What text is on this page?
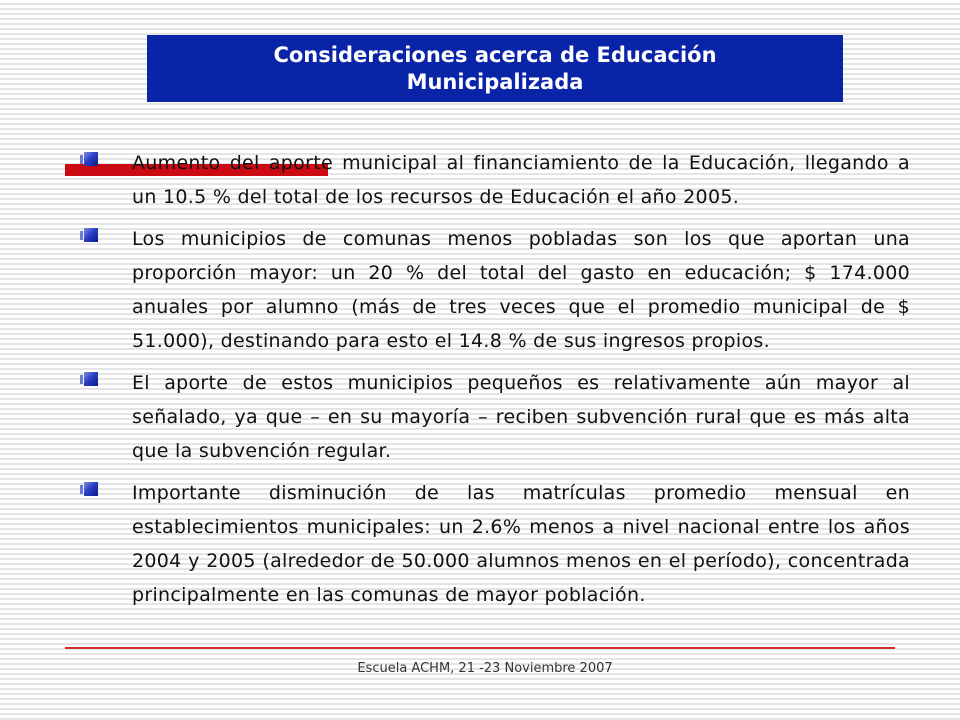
Consideraciones acerca de Educación
Municipalizada
Aumento del aporte municipal al financiamiento de la Educación, llegando a un 10.5 % del total de los recursos de Educación el año 2005.
Los municipios de comunas menos pobladas son los que aportan una proporción mayor: un 20 % del total del gasto en educación; $ 174.000 anuales por alumno (más de tres veces que el promedio municipal de $ 51.000), destinando para esto el 14.8 % de sus ingresos propios.
El aporte de estos municipios pequeños es relativamente aún mayor al señalado, ya que – en su mayoría – reciben subvención rural que es más alta que la subvención regular.
Importante disminución de las matrículas promedio mensual en establecimientos municipales: un 2.6% menos a nivel nacional entre los años 2004 y 2005 (alrededor de 50.000 alumnos menos en el período), concentrada principalmente en las comunas de mayor población.
Escuela ACHM, 21 -23 Noviembre 2007
